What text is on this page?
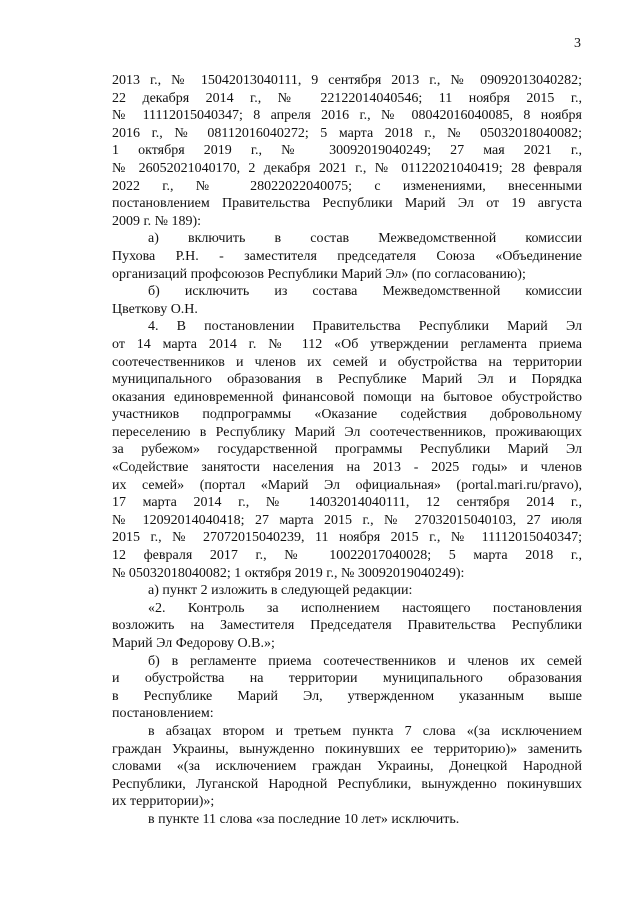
3
2013 г., № 15042013040111, 9 сентября 2013 г., № 09092013040282;
22 декабря 2014 г., № 22122014040546; 11 ноября 2015 г.,
№ 11112015040347; 8 апреля 2016 г., № 08042016040085, 8 ноября
2016 г., № 08112016040272; 5 марта 2018 г., № 05032018040082;
1 октября 2019 г., № 30092019040249; 27 мая 2021 г.,
№ 26052021040170, 2 декабря 2021 г., № 01122021040419; 28 февраля
2022 г., № 28022022040075; с изменениями, внесенными
постановлением Правительства Республики Марий Эл от 19 августа
2009 г. № 189):
а) включить в состав Межведомственной комиссии
Пухова Р.Н. - заместителя председателя Союза «Объединение
организаций профсоюзов Республики Марий Эл» (по согласованию);
б) исключить из состава Межведомственной комиссии
Цветкову О.Н.
4. В постановлении Правительства Республики Марий Эл
от 14 марта 2014 г. № 112 «Об утверждении регламента приема
соотечественников и членов их семей и обустройства на территории
муниципального образования в Республике Марий Эл и Порядка
оказания единовременной финансовой помощи на бытовое обустройство
участников подпрограммы «Оказание содействия добровольному
переселению в Республику Марий Эл соотечественников, проживающих
за рубежом» государственной программы Республики Марий Эл
«Содействие занятости населения на 2013 - 2025 годы» и членов
их семей» (портал «Марий Эл официальная» (portal.mari.ru/pravo),
17 марта 2014 г., № 14032014040111, 12 сентября 2014 г.,
№ 12092014040418; 27 марта 2015 г., № 27032015040103, 27 июля
2015 г., № 27072015040239, 11 ноября 2015 г., № 11112015040347;
12 февраля 2017 г., № 10022017040028; 5 марта 2018 г.,
№ 05032018040082; 1 октября 2019 г., № 30092019040249):
а) пункт 2 изложить в следующей редакции:
«2. Контроль за исполнением настоящего постановления
возложить на Заместителя Председателя Правительства Республики
Марий Эл Федорову О.В.»;
б) в регламенте приема соотечественников и членов их семей
и обустройства на территории муниципального образования
в Республике Марий Эл, утвержденном указанным выше
постановлением:
в абзацах втором и третьем пункта 7 слова «(за исключением
граждан Украины, вынужденно покинувших ее территорию)» заменить
словами «(за исключением граждан Украины, Донецкой Народной
Республики, Луганской Народной Республики, вынужденно покинувших
их территории)»;
в пункте 11 слова «за последние 10 лет» исключить.
